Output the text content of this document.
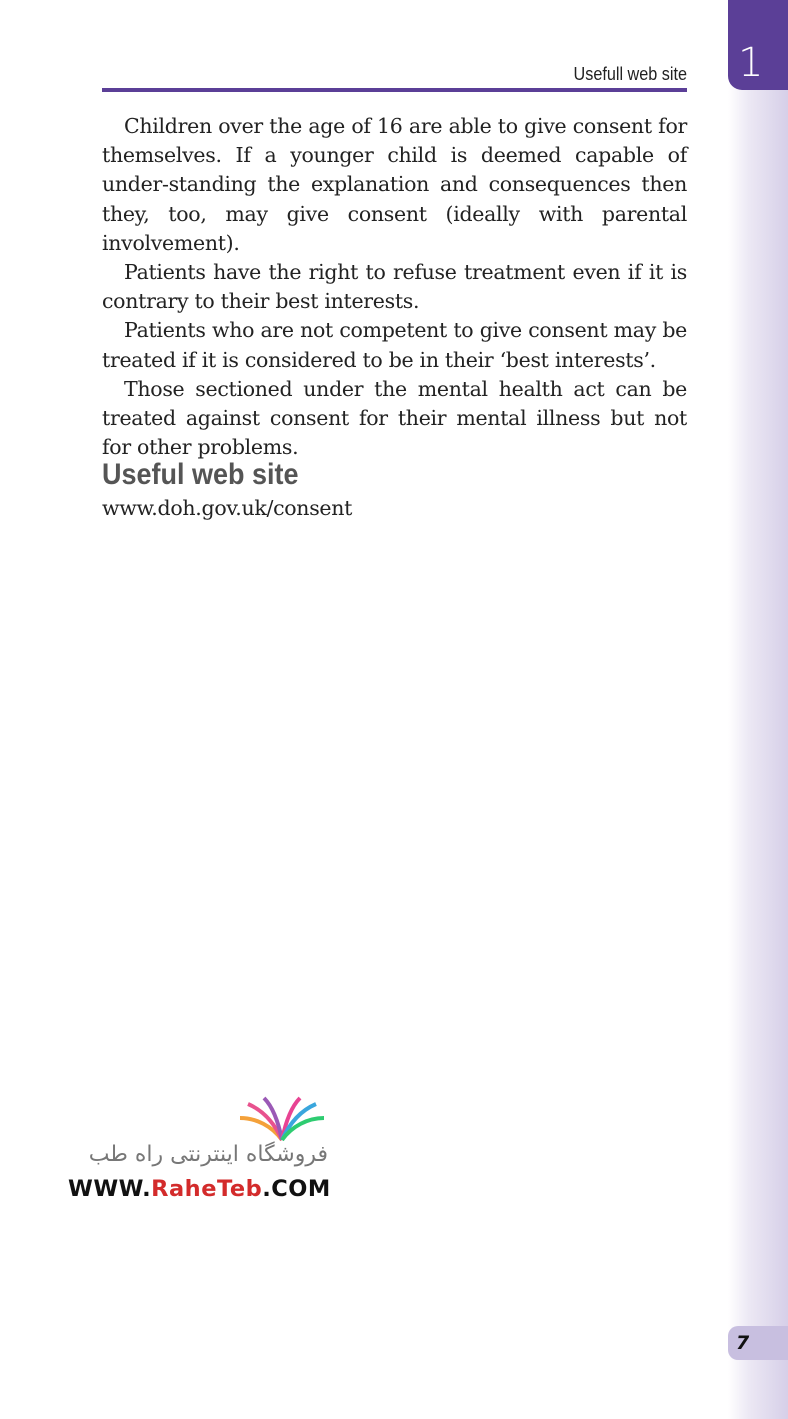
1
Usefull web site

Children over the age of 16 are able to give consent for themselves. If a younger child is deemed capable of under-standing the explanation and consequences then they, too, may give consent (ideally with parental involvement).

Patients have the right to refuse treatment even if it is contrary to their best interests.

Patients who are not competent to give consent may be treated if it is considered to be in their ‘best interests’.

Those sectioned under the mental health act can be treated against consent for their mental illness but not for other problems.

Useful web site
www.doh.gov.uk/consent
فروشگاه اینترنتی راه طب
WWW.RaheTeb.COM
7
